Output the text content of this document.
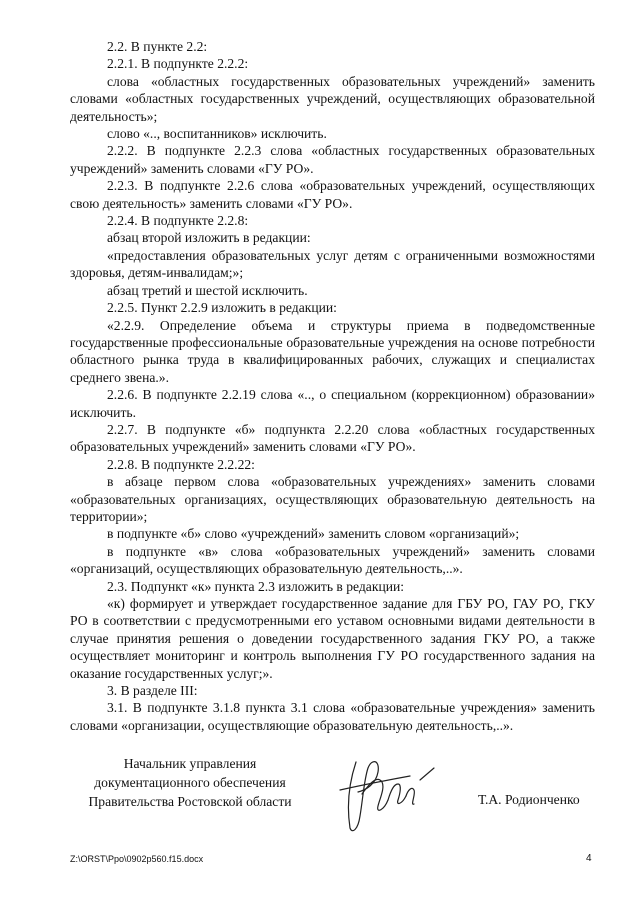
2.2. В пункте 2.2:

2.2.1. В подпункте 2.2.2:

слова «областных государственных образовательных учреждений» заменить словами «областных государственных учреждений, осуществляющих образовательной деятельность»;

слово «.., воспитанников» исключить.

2.2.2. В подпункте 2.2.3 слова «областных государственных образовательных учреждений» заменить словами «ГУ РО».

2.2.3. В подпункте 2.2.6 слова «образовательных учреждений, осуществляющих свою деятельность» заменить словами «ГУ РО».

2.2.4. В подпункте 2.2.8:

абзац второй изложить в редакции:

«предоставления образовательных услуг детям с ограниченными возможностями здоровья, детям-инвалидам;»;

абзац третий и шестой исключить.

2.2.5. Пункт 2.2.9 изложить в редакции:

«2.2.9. Определение объема и структуры приема в подведомственные государственные профессиональные образовательные учреждения на основе потребности областного рынка труда в квалифицированных рабочих, служащих и специалистах среднего звена.».

2.2.6. В подпункте 2.2.19 слова «.., о специальном (коррекционном) образовании» исключить.

2.2.7. В подпункте «б» подпункта 2.2.20 слова «областных государственных образовательных учреждений» заменить словами «ГУ РО».

2.2.8. В подпункте 2.2.22:

в абзаце первом слова «образовательных учреждениях» заменить словами «образовательных организациях, осуществляющих образовательную деятельность на территории»;

в подпункте «б» слово «учреждений» заменить словом «организаций»;

в подпункте «в» слова «образовательных учреждений» заменить словами «организаций, осуществляющих образовательную деятельность,..».

2.3. Подпункт «к» пункта 2.3 изложить в редакции:

«к) формирует и утверждает государственное задание для ГБУ РО, ГАУ РО, ГКУ РО в соответствии с предусмотренными его уставом основными видами деятельности в случае принятия решения о доведении государственного задания ГКУ РО, а также осуществляет мониторинг и контроль выполнения ГУ РО государственного задания на оказание государственных услуг;».

3. В разделе III:

3.1. В подпункте 3.1.8 пункта 3.1 слова «образовательные учреждения» заменить словами «организации, осуществляющие образовательную деятельность,..».

Начальник управления
документационного обеспечения
Правительства Ростовской области	Т.А. Родионченко
Z:\ORST\Ppo\0902p560.f15.docx	4
